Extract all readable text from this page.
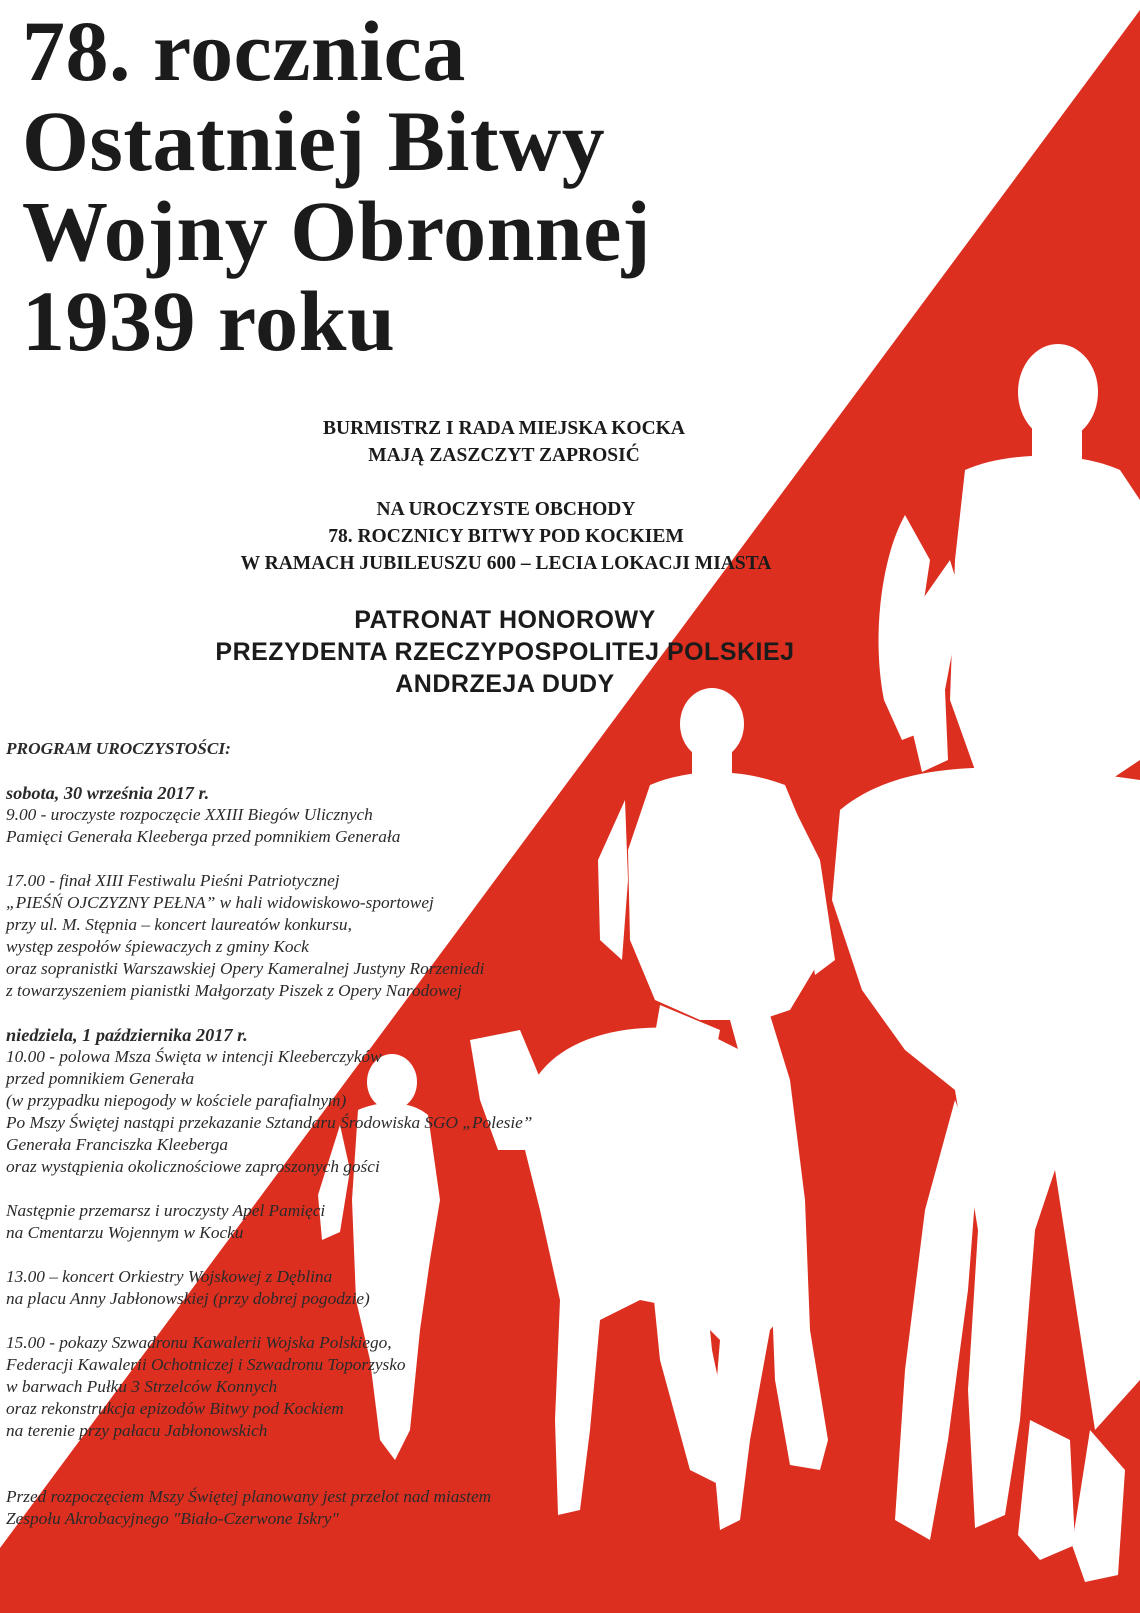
78. rocznica
Ostatniej Bitwy
Wojny Obronnej
1939 roku
BURMISTRZ I RADA MIEJSKA KOCKA
MAJĄ ZASZCZYT ZAPROSIĆ
NA UROCZYSTE OBCHODY
78. ROCZNICY BITWY POD KOCKIEM
W RAMACH JUBILEUSZU 600 – LECIA LOKACJI MIASTA
PATRONAT HONOROWY
PREZYDENTA RZECZYPOSPOLITEJ POLSKIEJ
ANDRZEJA DUDY
PROGRAM UROCZYSTOŚCI:
sobota, 30 września 2017 r.
9.00 - uroczyste rozpoczęcie XXIII Biegów Ulicznych
Pamięci Generała Kleeberga przed pomnikiem Generała
17.00 - finał XIII Festiwalu Pieśni Patriotycznej
„PIEŚŃ OJCZYZNY PEŁNA” w hali widowiskowo-sportowej
przy ul. M. Stępnia – koncert laureatów konkursu,
występ zespołów śpiewaczych z gminy Kock
oraz sopranistki Warszawskiej Opery Kameralnej Justyny Rorzeniedi
z towarzyszeniem pianistki Małgorzaty Piszek z Opery Narodowej
niedziela, 1 października 2017 r.
10.00 - polowa Msza Święta w intencji Kleeberczyków
przed pomnikiem Generała
(w przypadku niepogody w kościele parafialnym)
Po Mszy Świętej nastąpi przekazanie Sztandaru Środowiska SGO „Polesie”
Generała Franciszka Kleeberga
oraz wystąpienia okolicznościowe zaproszonych gości
Następnie przemarsz i uroczysty Apel Pamięci
na Cmentarzu Wojennym w Kocku
13.00 – koncert Orkiestry Wojskowej z Dęblina
na placu Anny Jabłonowskiej (przy dobrej pogodzie)
15.00 - pokazy Szwadronu Kawalerii Wojska Polskiego,
Federacji Kawalerii Ochotniczej i Szwadronu Toporzysko
w barwach Pułku 3 Strzelców Konnych
oraz rekonstrukcja epizodów Bitwy pod Kockiem
na terenie przy pałacu Jabłonowskich
Przed rozpoczęciem Mszy Świętej planowany jest przelot nad miastem
Zespołu Akrobacyjnego "Biało-Czerwone Iskry"
